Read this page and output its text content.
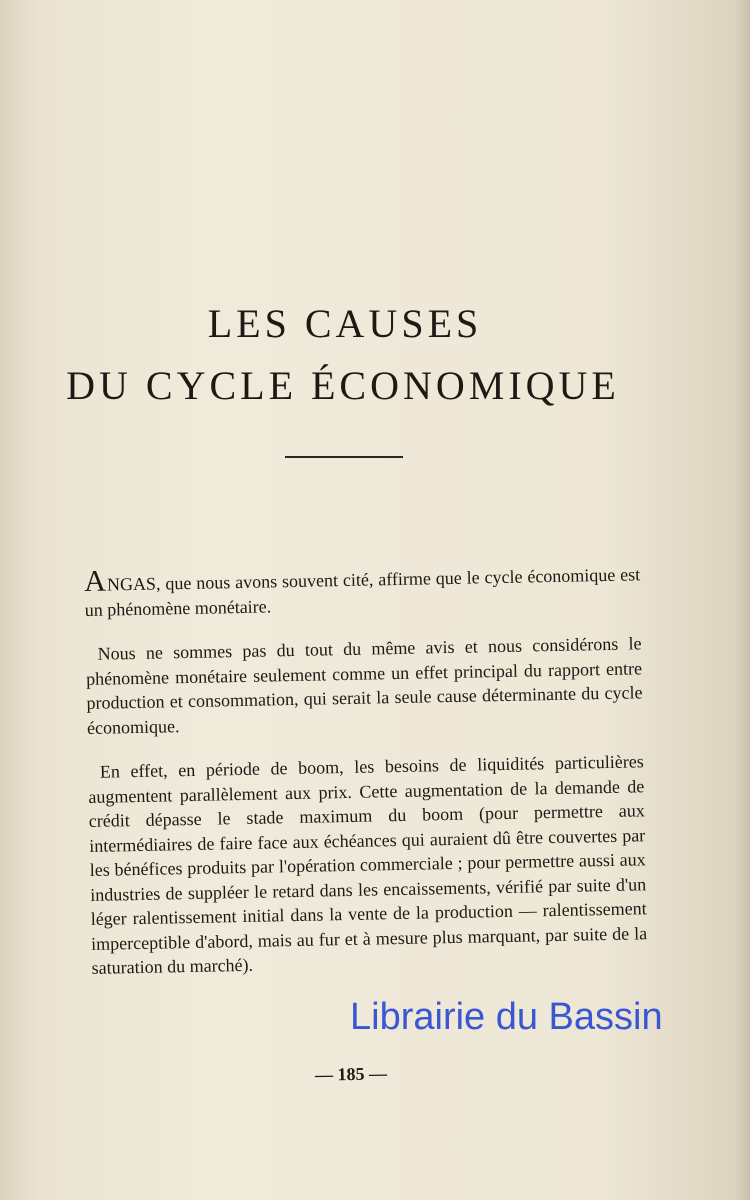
LES CAUSES
DU CYCLE ÉCONOMIQUE

ANGAS, que nous avons souvent cité, affirme que le cycle économique est un phénomène monétaire.

Nous ne sommes pas du tout du même avis et nous considérons le phénomène monétaire seulement comme un effet principal du rapport entre production et consommation, qui serait la seule cause déterminante du cycle économique.

En effet, en période de boom, les besoins de liquidités particulières augmentent parallèlement aux prix. Cette augmentation de la demande de crédit dépasse le stade maximum du boom (pour permettre aux intermédiaires de faire face aux échéances qui auraient dû être couvertes par les bénéfices produits par l'opération commerciale ; pour permettre aussi aux industries de suppléer le retard dans les encaissements, vérifié par suite d'un léger ralentissement initial dans la vente de la production — ralentissement imperceptible d'abord, mais au fur et à mesure plus marquant, par suite de la saturation du marché).

— 185 —
Librairie du Bassin
